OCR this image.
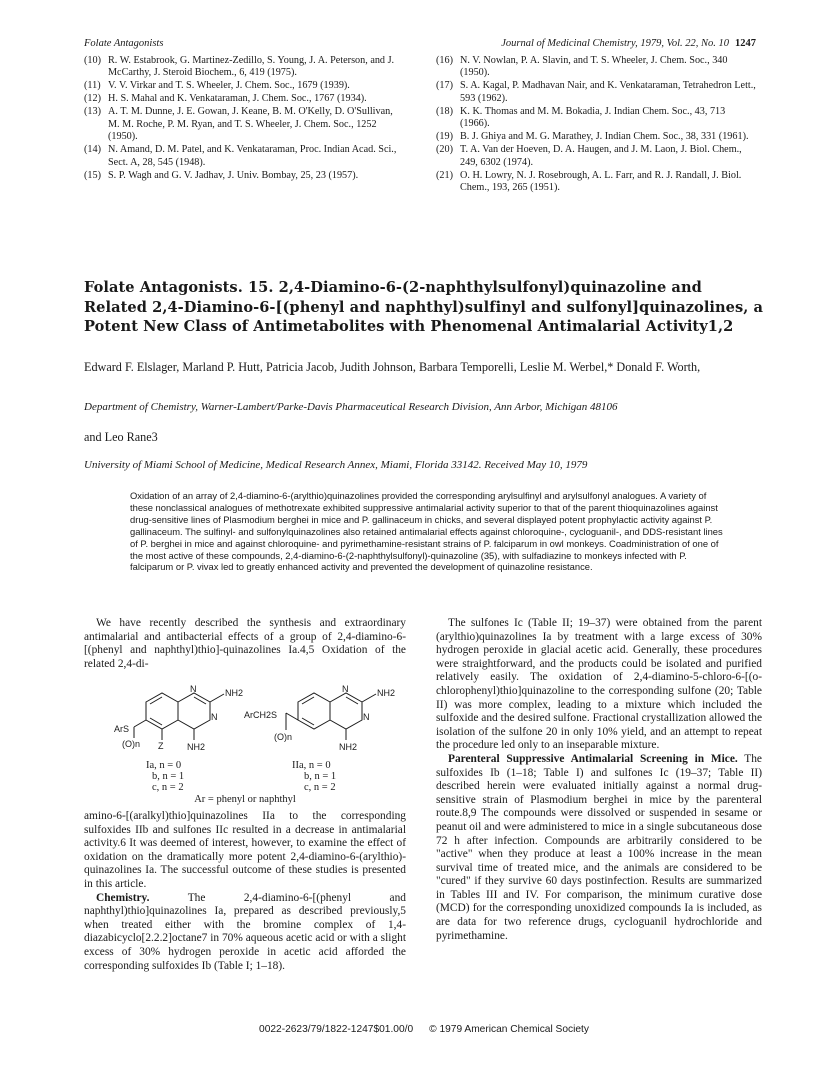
Folate Antagonists	Journal of Medicinal Chemistry, 1979, Vol. 22, No. 10 1247
(10) R. W. Estabrook, G. Martinez-Zedillo, S. Young, J. A. Peterson, and J. McCarthy, J. Steroid Biochem., 6, 419 (1975).
(11) V. V. Virkar and T. S. Wheeler, J. Chem. Soc., 1679 (1939).
(12) H. S. Mahal and K. Venkataraman, J. Chem. Soc., 1767 (1934).
(13) A. T. M. Dunne, J. E. Gowan, J. Keane, B. M. O'Kelly, D. O'Sullivan, M. M. Roche, P. M. Ryan, and T. S. Wheeler, J. Chem. Soc., 1252 (1950).
(14) N. Amand, D. M. Patel, and K. Venkataraman, Proc. Indian Acad. Sci., Sect. A, 28, 545 (1948).
(15) S. P. Wagh and G. V. Jadhav, J. Univ. Bombay, 25, 23 (1957).
(16) N. V. Nowlan, P. A. Slavin, and T. S. Wheeler, J. Chem. Soc., 340 (1950).
(17) S. A. Kagal, P. Madhavan Nair, and K. Venkataraman, Tetrahedron Lett., 593 (1962).
(18) K. K. Thomas and M. M. Bokadia, J. Indian Chem. Soc., 43, 713 (1966).
(19) B. J. Ghiya and M. G. Marathey, J. Indian Chem. Soc., 38, 331 (1961).
(20) T. A. Van der Hoeven, D. A. Haugen, and J. M. Laon, J. Biol. Chem., 249, 6302 (1974).
(21) O. H. Lowry, N. J. Rosebrough, A. L. Farr, and R. J. Randall, J. Biol. Chem., 193, 265 (1951).
Folate Antagonists. 15. 2,4-Diamino-6-(2-naphthylsulfonyl)quinazoline and Related 2,4-Diamino-6-[(phenyl and naphthyl)sulfinyl and sulfonyl]quinazolines, a Potent New Class of Antimetabolites with Phenomenal Antimalarial Activity1,2
Edward F. Elslager, Marland P. Hutt, Patricia Jacob, Judith Johnson, Barbara Temporelli, Leslie M. Werbel,* Donald F. Worth,
Department of Chemistry, Warner-Lambert/Parke-Davis Pharmaceutical Research Division, Ann Arbor, Michigan 48106
and Leo Rane3
University of Miami School of Medicine, Medical Research Annex, Miami, Florida 33142. Received May 10, 1979
Oxidation of an array of 2,4-diamino-6-(arylthio)quinazolines provided the corresponding arylsulfinyl and arylsulfonyl analogues. A variety of these nonclassical analogues of methotrexate exhibited suppressive antimalarial activity superior to that of the parent thioquinazolines against drug-sensitive lines of Plasmodium berghei in mice and P. gallinaceum in chicks, and several displayed potent prophylactic activity against P. gallinaceum. The sulfinyl- and sulfonylquinazolines also retained antimalarial effects against chloroquine-, cycloguanil-, and DDS-resistant lines of P. berghei in mice and against chloroquine- and pyrimethamine-resistant strains of P. falciparum in owl monkeys. Coadministration of one of the most active of these compounds, 2,4-diamino-6-(2-naphthylsulfonyl)-quinazoline (35), with sulfadiazine to monkeys infected with P. falciparum or P. vivax led to greatly enhanced activity and prevented the development of quinazoline resistance.

We have recently described the synthesis and extraordinary antimalarial and antibacterial effects of a group of 2,4-diamino-6-[(phenyl and naphthyl)thio]-quinazolines Ia.4,5 Oxidation of the related 2,4-di-

N
N
NH2
NH2
ArS
(O)n Z
N
N
NH2
NH2
ArCH2S
(O)n
Ia, n = 0
b, n = 1
c, n = 2
IIa, n = 0
b, n = 1
c, n = 2
Ar = phenyl or naphthyl

amino-6-[(aralkyl)thio]quinazolines IIa to the corresponding sulfoxides IIb and sulfones IIc resulted in a decrease in antimalarial activity.6 It was deemed of interest, however, to examine the effect of oxidation on the dramatically more potent 2,4-diamino-6-(arylthio)-quinazolines Ia. The successful outcome of these studies is presented in this article.

Chemistry. The 2,4-diamino-6-[(phenyl and naphthyl)thio]quinazolines Ia, prepared as described previously,5 when treated either with the bromine complex of 1,4-diazabicyclo[2.2.2]octane7 in 70% aqueous acetic acid or with a slight excess of 30% hydrogen peroxide in acetic acid afforded the corresponding sulfoxides Ib (Table I; 1–18).

The sulfones Ic (Table II; 19–37) were obtained from the parent (arylthio)quinazolines Ia by treatment with a large excess of 30% hydrogen peroxide in glacial acetic acid. Generally, these procedures were straightforward, and the products could be isolated and purified relatively easily. The oxidation of 2,4-diamino-5-chloro-6-[(o-chlorophenyl)thio]quinazoline to the corresponding sulfone (20; Table II) was more complex, leading to a mixture which included the sulfoxide and the desired sulfone. Fractional crystallization allowed the isolation of the sulfone 20 in only 10% yield, and an attempt to repeat the procedure led only to an inseparable mixture.

Parenteral Suppressive Antimalarial Screening in Mice. The sulfoxides Ib (1–18; Table I) and sulfones Ic (19–37; Table II) described herein were evaluated initially against a normal drug-sensitive strain of Plasmodium berghei in mice by the parenteral route.8,9 The compounds were dissolved or suspended in sesame or peanut oil and were administered to mice in a single subcutaneous dose 72 h after infection. Compounds are arbitrarily considered to be "active" when they produce at least a 100% increase in the mean survival time of treated mice, and the animals are considered to be "cured" if they survive 60 days postinfection. Results are summarized in Tables III and IV. For comparison, the minimum curative dose (MCD) for the corresponding unoxidized compounds Ia is included, as are data for two reference drugs, cycloguanil hydrochloride and pyrimethamine.

0022-2623/79/1822-1247$01.00/0 © 1979 American Chemical Society
